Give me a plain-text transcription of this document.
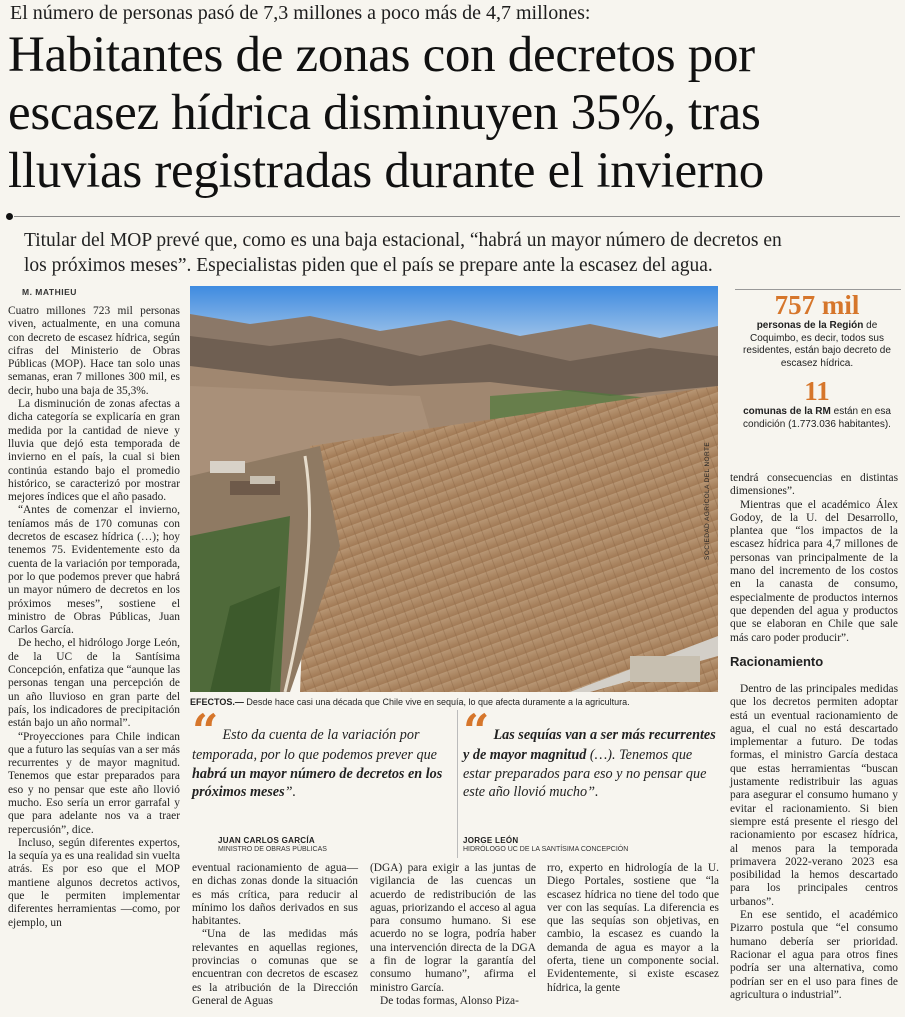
El número de personas pasó de 7,3 millones a poco más de 4,7 millones:
Habitantes de zonas con decretos por
escasez hídrica disminuyen 35%, tras
lluvias registradas durante el invierno
Titular del MOP prevé que, como es una baja estacional, “habrá un mayor número de decretos en
los próximos meses”. Especialistas piden que el país se prepare ante la escasez del agua.
M. MATHIEU

Cuatro millones 723 mil personas viven, actualmente, en una comuna con decreto de escasez hídrica, según cifras del Ministerio de Obras Públicas (MOP). Hace tan solo unas semanas, eran 7 millones 300 mil, es decir, hubo una baja de 35,3%.

La disminución de zonas afectas a dicha categoría se explicaría en gran medida por la cantidad de nieve y lluvia que dejó esta temporada de invierno en el país, la cual si bien continúa estando bajo el promedio histórico, se caracterizó por mostrar mejores índices que el año pasado.

“Antes de comenzar el invierno, teníamos más de 170 comunas con decretos de escasez hídrica (…); hoy tenemos 75. Evidentemente esto da cuenta de la variación por temporada, por lo que podemos prever que habrá un mayor número de decretos en los próximos meses”, sostiene el ministro de Obras Públicas, Juan Carlos García.

De hecho, el hidrólogo Jorge León, de la UC de la Santísima Concepción, enfatiza que “aunque las personas tengan una percepción de un año lluvioso en gran parte del país, los indicadores de precipitación están bajo un año normal”.

“Proyecciones para Chile indican que a futuro las sequías van a ser más recurrentes y de mayor magnitud. Tenemos que estar preparados para eso y no pensar que este año llovió mucho. Eso sería un error garrafal y que para adelante nos va a traer repercusión”, dice.

Incluso, según diferentes expertos, la sequía ya es una realidad sin vuelta atrás. Es por eso que el MOP mantiene algunos decretos activos, que le permiten implementar diferentes herramientas —como, por ejemplo, un

SOCIEDAD AGRÍCOLA DEL NORTE
EFECTOS.— Desde hace casi una década que Chile vive en sequía, lo que afecta duramente a la agricultura.
“ Esto da cuenta de la variación por temporada, por lo que podemos prever que habrá un mayor número de decretos en los próximos meses”.
JUAN CARLOS GARCÍA
MINISTRO DE OBRAS PÚBLICAS
“ Las sequías van a ser más recurrentes y de mayor magnitud (…). Tenemos que estar preparados para eso y no pensar que este año llovió mucho”.
JORGE LEÓN
HIDRÓLOGO UC DE LA SANTÍSIMA CONCEPCIÓN

eventual racionamiento de agua— en dichas zonas donde la situación es más crítica, para reducir al mínimo los daños derivados en sus habitantes.

“Una de las medidas más relevantes en aquellas regiones, provincias o comunas que se encuentran con decretos de escasez es la atribución de la Dirección General de Aguas

(DGA) para exigir a las juntas de vigilancia de las cuencas un acuerdo de redistribución de las aguas, priorizando el acceso al agua para consumo humano. Si ese acuerdo no se logra, podría haber una intervención directa de la DGA a fin de lograr la garantía del consumo humano”, afirma el ministro García.

De todas formas, Alonso Piza-

rro, experto en hidrología de la U. Diego Portales, sostiene que “la escasez hídrica no tiene del todo que ver con las sequías. La diferencia es que las sequías son objetivas, en cambio, la escasez es cuando la demanda de agua es mayor a la oferta, tiene un componente social. Evidentemente, si existe escasez hídrica, la gente

757 mil
personas de la Región de Coquimbo, es decir, todos sus residentes, están bajo decreto de escasez hídrica.
11
comunas de la RM están en esa condición (1.773.036 habitantes).

tendrá consecuencias en distintas dimensiones”.

Mientras que el académico Álex Godoy, de la U. del Desarrollo, plantea que “los impactos de la escasez hídrica para 4,7 millones de personas van principalmente de la mano del incremento de los costos en la canasta de consumo, especialmente de productos internos que dependen del agua y productos que se elaboran en Chile que sale más caro poder producir”.

Racionamiento

Dentro de las principales medidas que los decretos permiten adoptar está un eventual racionamiento de agua, el cual no está descartado implementar a futuro. De todas formas, el ministro García destaca que estas herramientas “buscan justamente redistribuir las aguas para asegurar el consumo humano y evitar el racionamiento. Si bien siempre está presente el riesgo del racionamiento por escasez hídrica, al menos para la temporada primavera 2022-verano 2023 esa posibilidad la hemos descartado para los principales centros urbanos”.

En ese sentido, el académico Pizarro postula que “el consumo humano debería ser prioridad. Racionar el agua para otros fines podría ser una alternativa, como podrían ser en el uso para fines de agricultura o industrial”.
